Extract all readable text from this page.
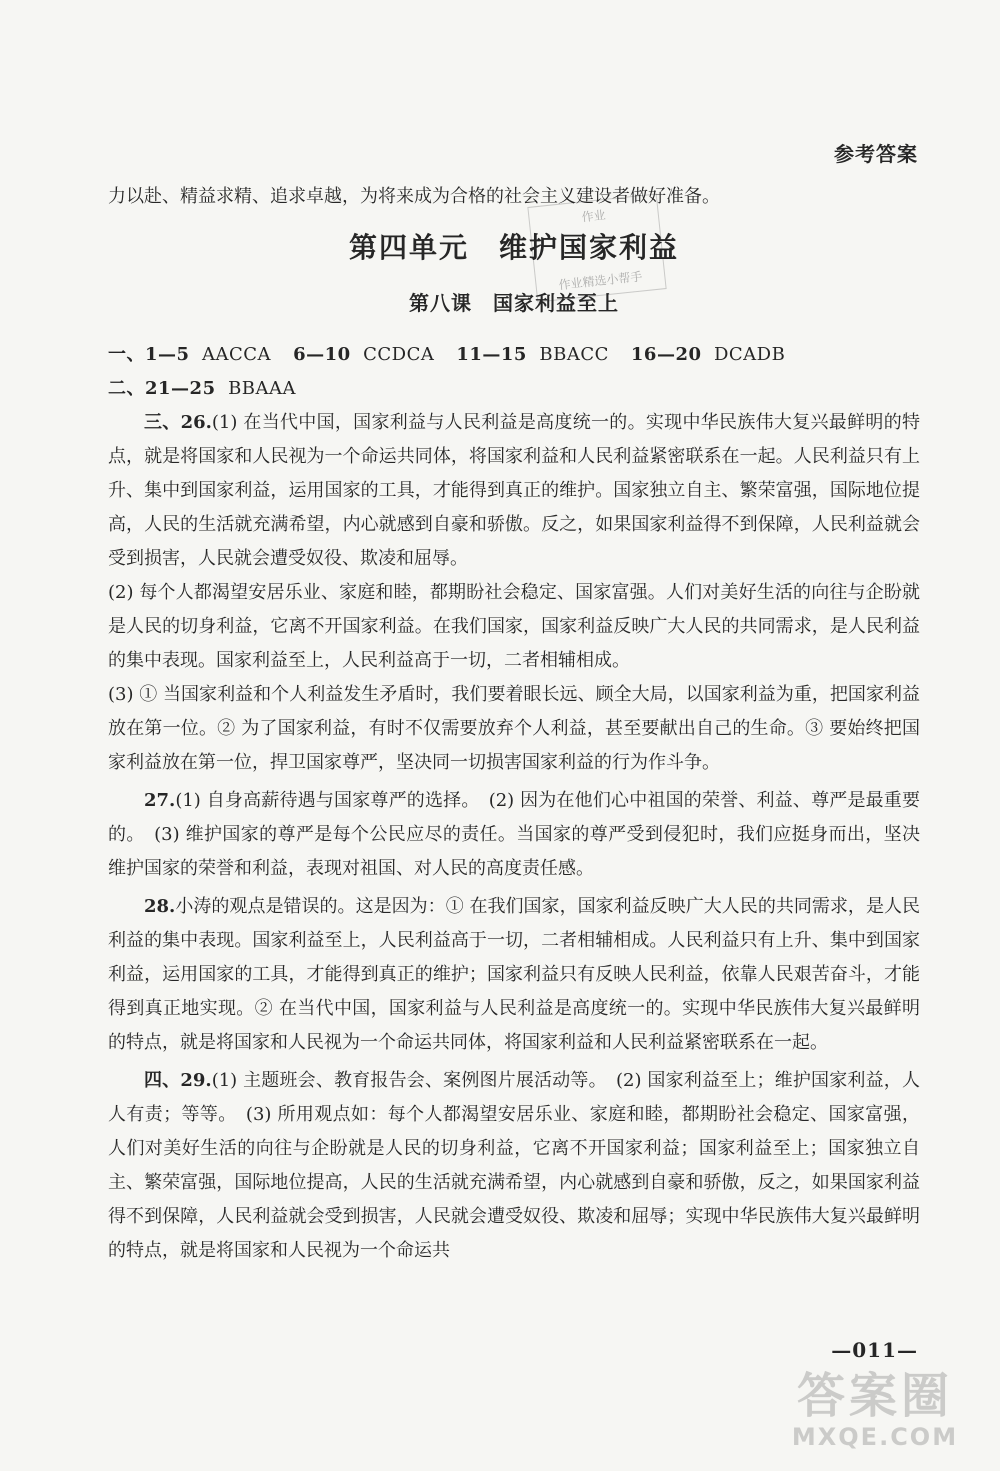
参考答案
作业
作业精选小帮手

力以赴、精益求精、追求卓越，为将来成为合格的社会主义建设者做好准备。

第四单元　维护国家利益
第八课　国家利益至上

一、1—5 AACCA 6—10 CCDCA 11—15 BBACC 16—20 DCADB

二、21—25 BBAAA

三、26.(1) 在当代中国，国家利益与人民利益是高度统一的。实现中华民族伟大复兴最鲜明的特点，就是将国家和人民视为一个命运共同体，将国家利益和人民利益紧密联系在一起。人民利益只有上升、集中到国家利益，运用国家的工具，才能得到真正的维护。国家独立自主、繁荣富强，国际地位提高，人民的生活就充满希望，内心就感到自豪和骄傲。反之，如果国家利益得不到保障，人民利益就会受到损害，人民就会遭受奴役、欺凌和屈辱。

(2) 每个人都渴望安居乐业、家庭和睦，都期盼社会稳定、国家富强。人们对美好生活的向往与企盼就是人民的切身利益，它离不开国家利益。在我们国家，国家利益反映广大人民的共同需求，是人民利益的集中表现。国家利益至上，人民利益高于一切，二者相辅相成。

(3) ① 当国家利益和个人利益发生矛盾时，我们要着眼长远、顾全大局，以国家利益为重，把国家利益放在第一位。② 为了国家利益，有时不仅需要放弃个人利益，甚至要献出自己的生命。③ 要始终把国家利益放在第一位，捍卫国家尊严，坚决同一切损害国家利益的行为作斗争。

27.(1) 自身高薪待遇与国家尊严的选择。　(2) 因为在他们心中祖国的荣誉、利益、尊严是最重要的。　(3) 维护国家的尊严是每个公民应尽的责任。当国家的尊严受到侵犯时，我们应挺身而出，坚决维护国家的荣誉和利益，表现对祖国、对人民的高度责任感。

28.小涛的观点是错误的。这是因为：① 在我们国家，国家利益反映广大人民的共同需求，是人民利益的集中表现。国家利益至上，人民利益高于一切，二者相辅相成。人民利益只有上升、集中到国家利益，运用国家的工具，才能得到真正的维护；国家利益只有反映人民利益，依靠人民艰苦奋斗，才能得到真正地实现。② 在当代中国，国家利益与人民利益是高度统一的。实现中华民族伟大复兴最鲜明的特点，就是将国家和人民视为一个命运共同体，将国家利益和人民利益紧密联系在一起。

四、29.(1) 主题班会、教育报告会、案例图片展活动等。　(2) 国家利益至上；维护国家利益，人人有责；等等。　(3) 所用观点如：每个人都渴望安居乐业、家庭和睦，都期盼社会稳定、国家富强，人们对美好生活的向往与企盼就是人民的切身利益，它离不开国家利益；国家利益至上；国家独立自主、繁荣富强，国际地位提高，人民的生活就充满希望，内心就感到自豪和骄傲，反之，如果国家利益得不到保障，人民利益就会受到损害，人民就会遭受奴役、欺凌和屈辱；实现中华民族伟大复兴最鲜明的特点，就是将国家和人民视为一个命运共

—011—
答案圈
MXQE.COM
